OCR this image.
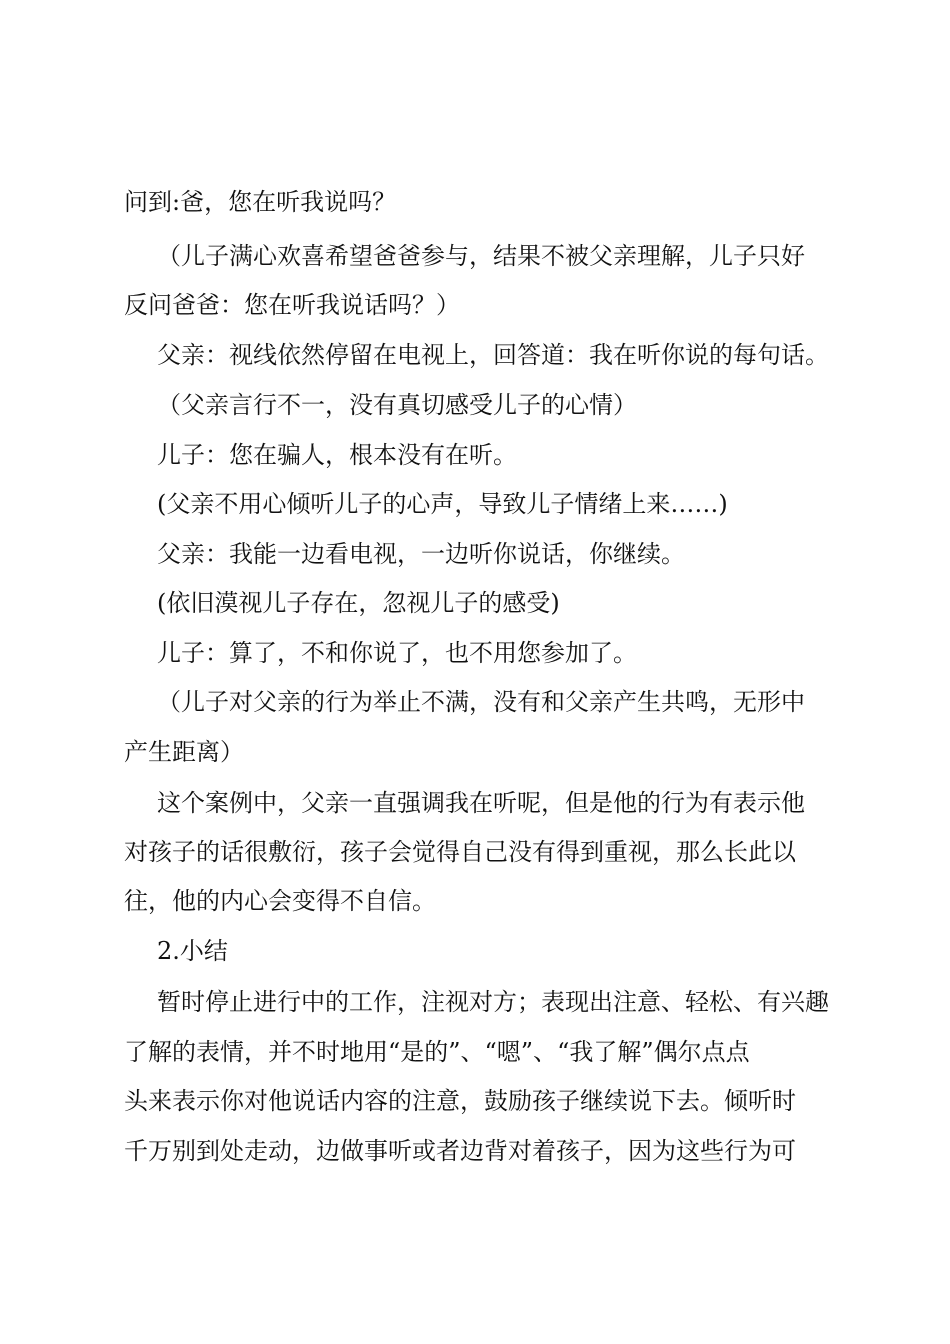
问到:爸，您在听我说吗？
（儿子满心欢喜希望爸爸参与，结果不被父亲理解，儿子只好
反问爸爸：您在听我说话吗？）
父亲：视线依然停留在电视上，回答道：我在听你说的每句话。
（父亲言行不一，没有真切感受儿子的心情）
儿子：您在骗人，根本没有在听。
(父亲不用心倾听儿子的心声，导致儿子情绪上来……)
父亲：我能一边看电视，一边听你说话，你继续。
(依旧漠视儿子存在，忽视儿子的感受)
儿子：算了，不和你说了，也不用您参加了。
（儿子对父亲的行为举止不满，没有和父亲产生共鸣，无形中
产生距离）
这个案例中，父亲一直强调我在听呢，但是他的行为有表示他
对孩子的话很敷衍，孩子会觉得自己没有得到重视，那么长此以
往，他的内心会变得不自信。
2.小结
暂时停止进行中的工作，注视对方；表现出注意、轻松、有兴趣
了解的表情，并不时地用“是的”、“嗯”、“我了解”偶尔点点
头来表示你对他说话内容的注意，鼓励孩子继续说下去。倾听时
千万别到处走动，边做事听或者边背对着孩子，因为这些行为可
